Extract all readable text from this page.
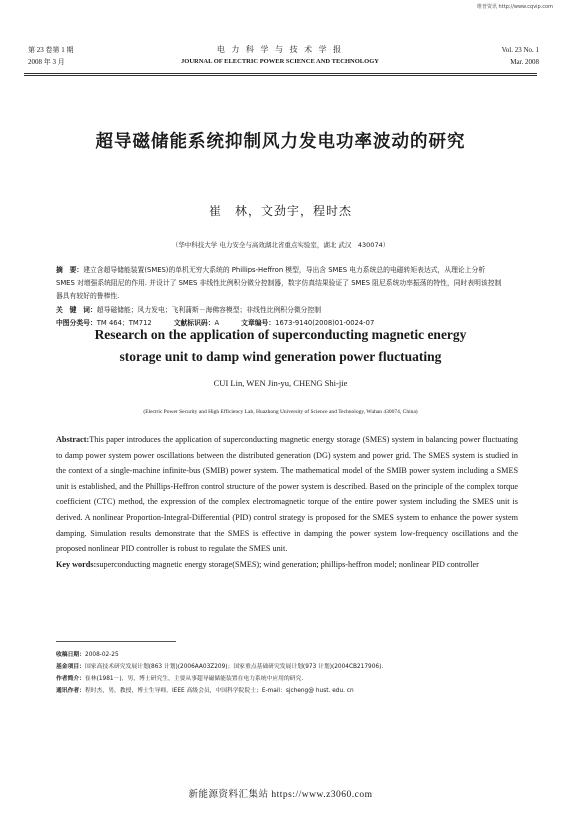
维普资讯 http://www.cqvip.com
第 23 卷第 1 期
2008 年 3 月
电 力 科 学 与 技 术 学 报
JOURNAL OF ELECTRIC POWER SCIENCE AND TECHNOLOGY
Vol. 23 No. 1
Mar. 2008
超导磁储能系统抑制风力发电功率波动的研究
崔　林，文劲宇，程时杰
（华中科技大学 电力安全与高效湖北省重点实验室，湖北 武汉　430074）
摘　要：建立含超导储能装置(SMES)的单机无穷大系统的 Phillips-Heffron 模型，导出含 SMES 电力系统总的电磁转矩表达式，从理论上分析 SMES 对增强系统阻尼的作用. 并设计了 SMES 非线性比例积分微分控制器，数字仿真结果验证了 SMES 阻尼系统功率振荡的特性，同时表明该控制器具有较好的鲁棒性.
关　键　词：超导磁储能；风力发电；飞利蒲斯－海佛容模型；非线性比例积分微分控制
中图分类号：TM 464；TM712	文献标识码：A	文章编号：1673-9140(2008)01-0024-07
Research on the application of superconducting magnetic energy
storage unit to damp wind generation power fluctuating
CUI Lin, WEN Jin-yu, CHENG Shi-jie
(Electric Power Security and High Efficiency Lab, Huazhong University of Science and Technology, Wuhan 430074, China)
Abstract:This paper introduces the application of superconducting magnetic energy storage (SMES) system in balancing power fluctuating to damp power system power oscillations between the distributed generation (DG) system and power grid. The SMES system is studied in the context of a single-machine infinite-bus (SMIB) power system. The mathematical model of the SMIB power system including a SMES unit is established, and the Phillips-Heffron control structure of the power system is described. Based on the principle of the complex torque coefficient (CTC) method, the expression of the complex electromagnetic torque of the entire power system including the SMES unit is derived. A nonlinear Proportion-Integral-Differential (PID) control strategy is proposed for the SMES system to enhance the power system damping. Simulation results demonstrate that the SMES is effective in damping the power system low-frequency oscillations and the proposed nonlinear PID controller is robust to regulate the SMES unit.
Key words:superconducting magnetic energy storage(SMES); wind generation; phillips-heffron model; nonlinear PID controller
收稿日期：2008-02-25
基金项目：国家高技术研究发展计划(863 计划)(2006AA03Z209)；国家重点基础研究发展计划(973 计划)(2004CB217906).
作者简介：崔林(1981－)，男，博士研究生，主要从事超导磁储能装置在电力系统中应用的研究.
通讯作者：程时杰，男，教授，博士生导师，IEEE 高级会员，中国科学院院士；E-mail：sjcheng@ hust. edu. cn
新能源资料汇集站 https://www.z3060.com
